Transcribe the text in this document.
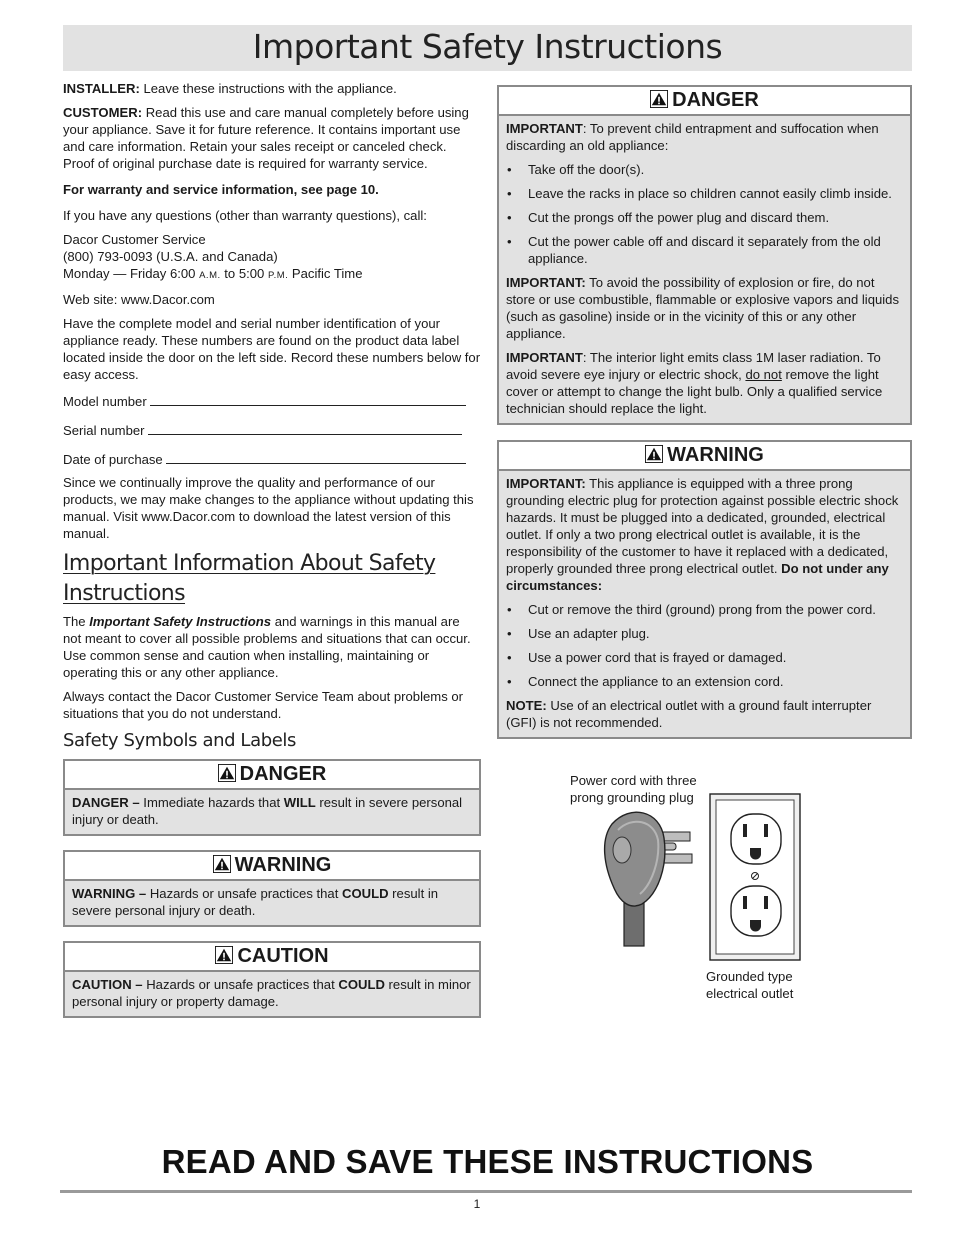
Important Safety Instructions

INSTALLER: Leave these instructions with the appliance.

CUSTOMER: Read this use and care manual completely before using your appliance. Save it for future reference. It contains important use and care information. Retain your sales receipt or canceled check. Proof of original purchase date is required for warranty service.

For warranty and service information, see page 10.

If you have any questions (other than warranty questions), call:

Dacor Customer Service
(800) 793-0093 (U.S.A. and Canada)
Monday — Friday 6:00 A.M. to 5:00 P.M. Pacific Time

Web site: www.Dacor.com

Have the complete model and serial number identification of your appliance ready. These numbers are found on the product data label located inside the door on the left side. Record these numbers below for easy access.

Model number
Serial number
Date of purchase

Since we continually improve the quality and performance of our products, we may make changes to the appliance without updating this manual. Visit www.Dacor.com to download the latest version of this manual.

Important Information About Safety Instructions

The Important Safety Instructions and warnings in this manual are not meant to cover all possible problems and situations that can occur. Use common sense and caution when installing, maintaining or operating this or any other appliance.

Always contact the Dacor Customer Service Team about problems or situations that you do not understand.

Safety Symbols and Labels
DANGER

DANGER – Immediate hazards that WILL result in severe personal injury or death.

WARNING

WARNING – Hazards or unsafe practices that COULD result in severe personal injury or death.

CAUTION

CAUTION – Hazards or unsafe practices that COULD result in minor personal injury or property damage.

DANGER

IMPORTANT: To prevent child entrapment and suffocation when discarding an old appliance:

• Take off the door(s).
• Leave the racks in place so children cannot easily climb inside.
• Cut the prongs off the power plug and discard them.
• Cut the power cable off and discard it separately from the old appliance.

IMPORTANT: To avoid the possibility of explosion or fire, do not store or use combustible, flammable or explosive vapors and liquids (such as gasoline) inside or in the vicinity of this or any other appliance.

IMPORTANT: The interior light emits class 1M laser radiation. To avoid severe eye injury or electric shock, do not remove the light cover or attempt to change the light bulb. Only a qualified service technician should replace the light.

WARNING

IMPORTANT: This appliance is equipped with a three prong grounding electric plug for protection against possible electric shock hazards. It must be plugged into a dedicated, grounded, electrical outlet. If only a two prong electrical outlet is available, it is the responsibility of the customer to have it replaced with a dedicated, properly grounded three prong electrical outlet. Do not under any circumstances:

• Cut or remove the third (ground) prong from the power cord.
• Use an adapter plug.
• Use a power cord that is frayed or damaged.
• Connect the appliance to an extension cord.

NOTE: Use of an electrical outlet with a ground fault interrupter (GFI) is not recommended.

Power cord with three
prong grounding plug
Grounded type
electrical outlet
READ AND SAVE THESE INSTRUCTIONS
1
